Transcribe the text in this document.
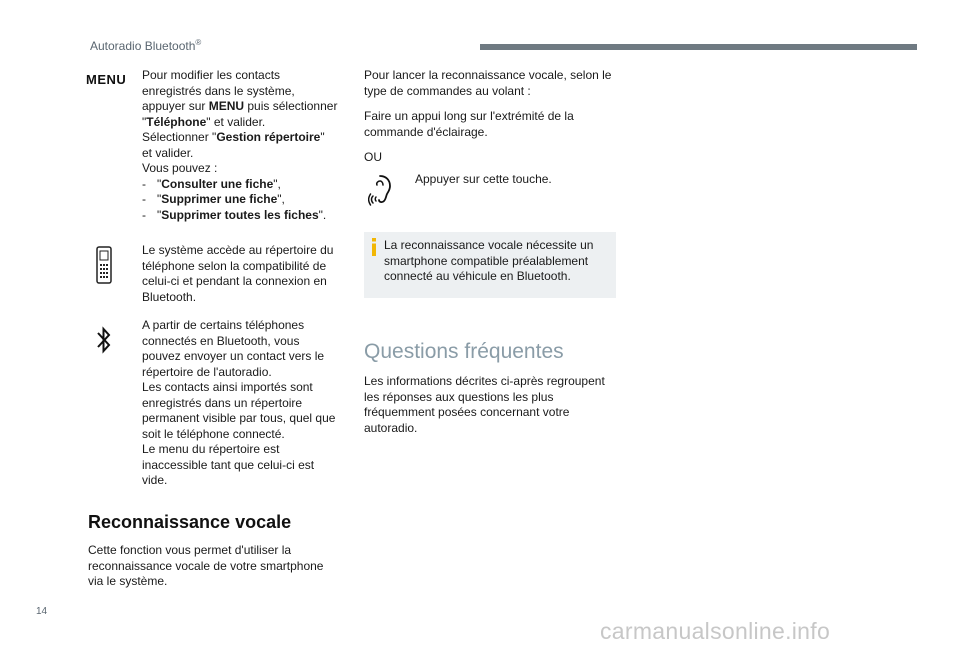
Autoradio Bluetooth®
MENU Pour modifier les contacts
enregistrés dans le système,
appuyer sur MENU puis sélectionner
"Téléphone" et valider.
Sélectionner "Gestion répertoire"
et valider.
Vous pouvez :
- "Consulter une fiche",
- "Supprimer une fiche",
- "Supprimer toutes les fiches".
Le système accède au répertoire du
téléphone selon la compatibilité de
celui-ci et pendant la connexion en
Bluetooth.
A partir de certains téléphones
connectés en Bluetooth, vous
pouvez envoyer un contact vers le
répertoire de l'autoradio.
Les contacts ainsi importés sont
enregistrés dans un répertoire
permanent visible par tous, quel que
soit le téléphone connecté.
Le menu du répertoire est
inaccessible tant que celui-ci est
vide.
Reconnaissance vocale
Cette fonction vous permet d'utiliser la
reconnaissance vocale de votre smartphone
via le système.
Pour lancer la reconnaissance vocale, selon le
type de commandes au volant :
Faire un appui long sur l'extrémité de la
commande d'éclairage.
OU
Appuyer sur cette touche.
La reconnaissance vocale nécessite un
smartphone compatible préalablement
connecté au véhicule en Bluetooth.
Questions fréquentes
Les informations décrites ci-après regroupent
les réponses aux questions les plus
fréquemment posées concernant votre
autoradio.
14
carmanualsonline.info
